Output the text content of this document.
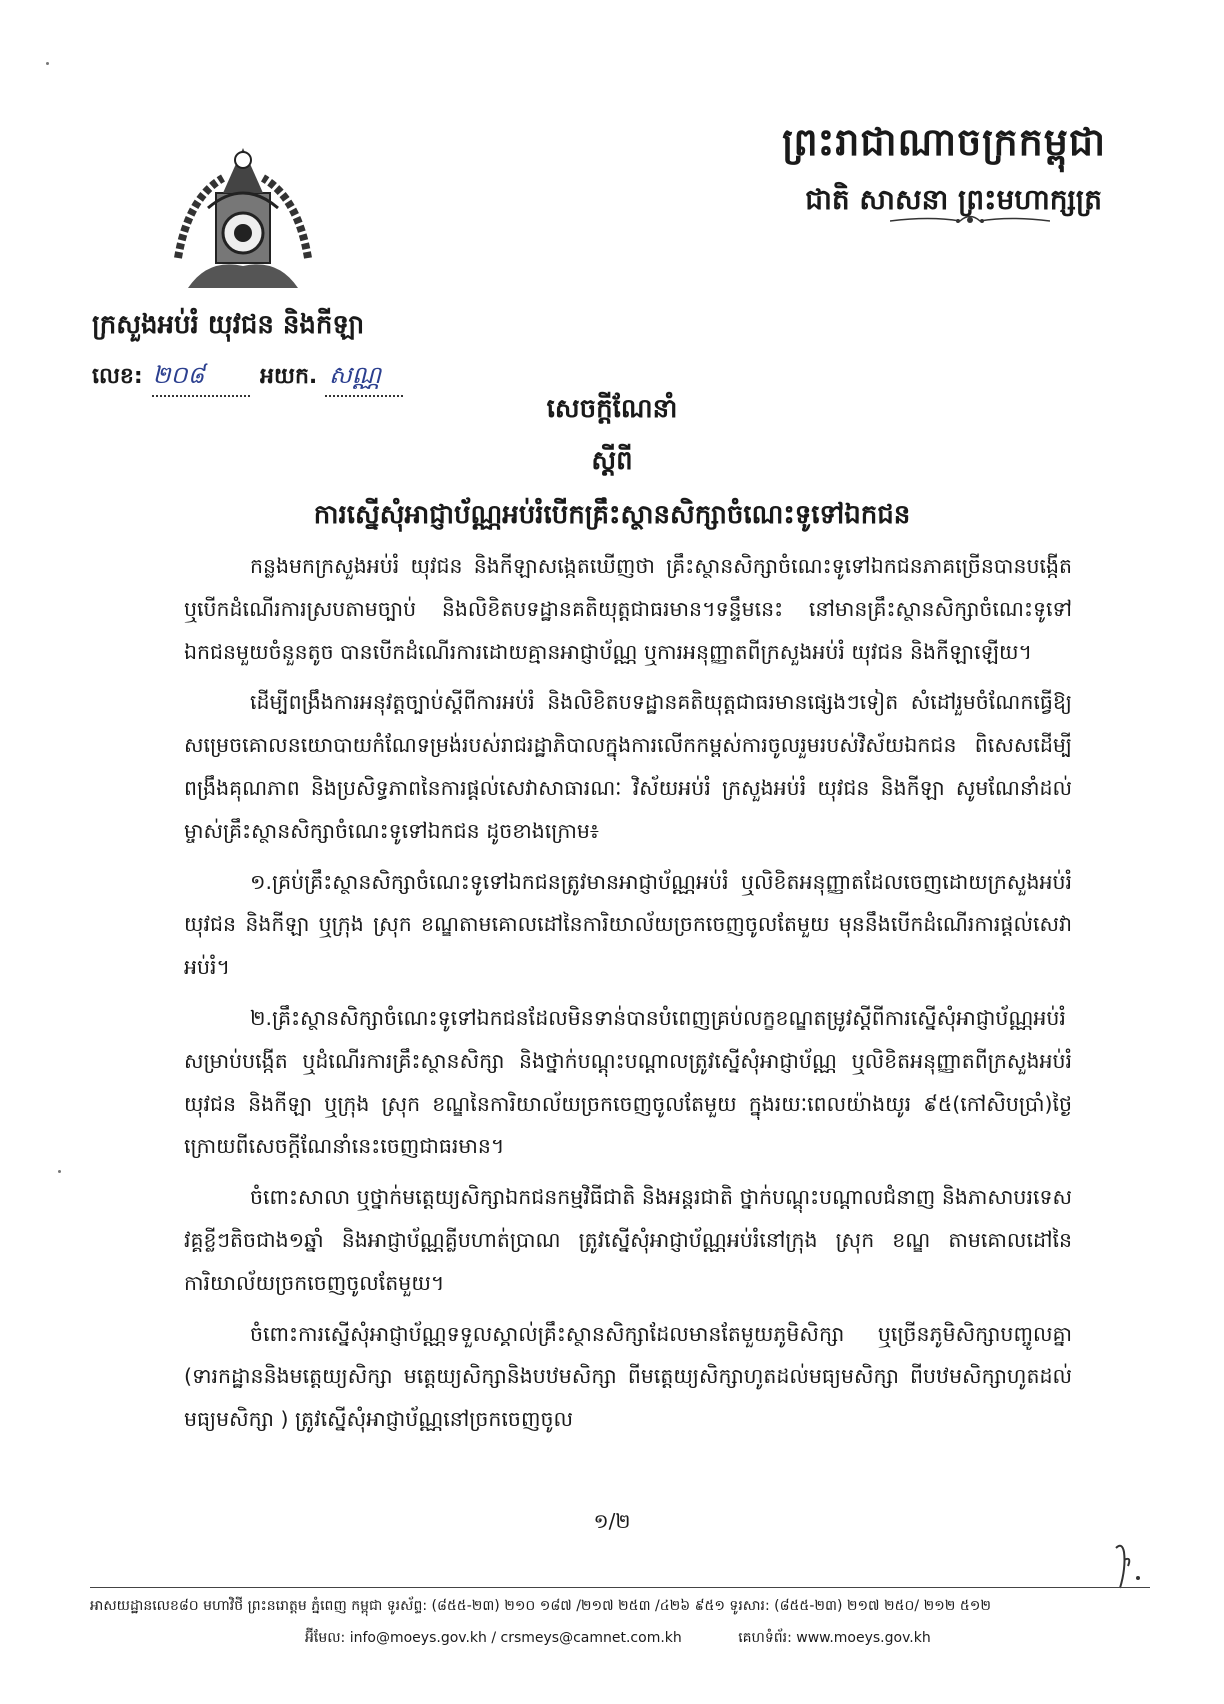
ព្រះរាជាណាចក្រកម្ពុជា
ជាតិ សាសនា ព្រះមហាក្សត្រ
ក្រសួងអប់រំ យុវជន និងកីឡា
លេខ: ២០៨	អយក. សណ្ណ
សេចក្តីណែនាំ
ស្តីពី
ការស្នើសុំអាជ្ញាប័ណ្ណអប់រំបើកគ្រឹះស្ថានសិក្សាចំណេះទូទៅឯកជន

កន្លងមកក្រសួងអប់រំ យុវជន និងកីឡាសង្កេតឃើញថា គ្រឹះស្ថានសិក្សាចំណេះទូទៅឯកជនភាគច្រើនបានបង្កើត ឬបើកដំណើរការស្របតាមច្បាប់ និងលិខិតបទដ្ឋានគតិយុត្តជាធរមាន។ទន្ទឹមនេះ នៅមានគ្រឹះស្ថានសិក្សាចំណេះទូទៅឯកជនមួយចំនួនតូច បានបើកដំណើរការដោយគ្មានអាជ្ញាប័ណ្ណ ឬការអនុញ្ញាតពីក្រសួងអប់រំ យុវជន និងកីឡាឡើយ។

ដើម្បីពង្រឹងការអនុវត្តច្បាប់ស្តីពីការអប់រំ និងលិខិតបទដ្ឋានគតិយុត្តជាធរមានផ្សេងៗទៀត សំដៅរួមចំណែកធ្វើឱ្យសម្រេចគោលនយោបាយកំណែទម្រង់របស់រាជរដ្ឋាភិបាលក្នុងការលើកកម្ពស់ការចូលរួមរបស់វិស័យឯកជន ពិសេសដើម្បីពង្រឹងគុណភាព និងប្រសិទ្ធភាពនៃការផ្តល់សេវាសាធារណៈ វិស័យអប់រំ ក្រសួងអប់រំ យុវជន និងកីឡា សូមណែនាំដល់ម្ចាស់គ្រឹះស្ថានសិក្សាចំណេះទូទៅឯកជន ដូចខាងក្រោម៖

១.គ្រប់គ្រឹះស្ថានសិក្សាចំណេះទូទៅឯកជនត្រូវមានអាជ្ញាប័ណ្ណអប់រំ ឬលិខិតអនុញ្ញាតដែលចេញដោយក្រសួងអប់រំ យុវជន និងកីឡា ឬក្រុង ស្រុក ខណ្ឌតាមគោលដៅនៃការិយាល័យច្រកចេញចូលតែមួយ មុននឹងបើកដំណើរការផ្តល់សេវាអប់រំ។

២.គ្រឹះស្ថានសិក្សាចំណេះទូទៅឯកជនដែលមិនទាន់បានបំពេញគ្រប់លក្ខខណ្ឌតម្រូវស្តីពីការស្នើសុំអាជ្ញាប័ណ្ណអប់រំសម្រាប់បង្កើត ឬដំណើរការគ្រឹះស្ថានសិក្សា និងថ្នាក់បណ្តុះបណ្តាលត្រូវស្នើសុំអាជ្ញាប័ណ្ណ ឬលិខិតអនុញ្ញាតពីក្រសួងអប់រំ យុវជន និងកីឡា ឬក្រុង ស្រុក ខណ្ឌនៃការិយាល័យច្រកចេញចូលតែមួយ ក្នុងរយៈពេលយ៉ាងយូរ ៩៥(កៅសិបប្រាំ)ថ្ងៃ ក្រោយពីសេចក្តីណែនាំនេះចេញជាធរមាន។

ចំពោះសាលា ឬថ្នាក់មត្តេយ្យសិក្សាឯកជនកម្មវិធីជាតិ និងអន្តរជាតិ ថ្នាក់បណ្តុះបណ្តាលជំនាញ និងភាសាបរទេសវគ្គខ្លីៗតិចជាង១ឆ្នាំ និងអាជ្ញាប័ណ្ណគ្លីបហាត់ប្រាណ ត្រូវស្នើសុំអាជ្ញាប័ណ្ណអប់រំនៅក្រុង ស្រុក ខណ្ឌ តាមគោលដៅនៃការិយាល័យច្រកចេញចូលតែមួយ។

ចំពោះការស្នើសុំអាជ្ញាប័ណ្ណទទួលស្គាល់គ្រឹះស្ថានសិក្សាដែលមានតែមួយភូមិសិក្សា ឬច្រើនភូមិសិក្សាបញ្ចូលគ្នា (ទារកដ្ឋាននិងមត្តេយ្យសិក្សា មត្តេយ្យសិក្សានិងបឋមសិក្សា ពីមត្តេយ្យសិក្សាហូតដល់មធ្យមសិក្សា ពីបឋមសិក្សាហូតដល់មធ្យមសិក្សា ) ត្រូវស្នើសុំអាជ្ញាប័ណ្ណនៅច្រកចេញចូល

១/២
អាសយដ្ឋានលេខ៨០ មហាវិថី ព្រះនរោត្តម ភ្នំពេញ កម្ពុជា ទូរស័ព្ទ: (៨៥៥-២៣) ២១០ ១៨៧ /២១៧ ២៥៣ /៤២៦ ៩៥១ ទូរសារ: (៨៥៥-២៣) ២១៧ ២៥០/ ២១២ ៥១២
អ៊ីមែល: info@moeys.gov.kh / crsmeys@camnet.com.kh	គេហទំព័រ: www.moeys.gov.kh
